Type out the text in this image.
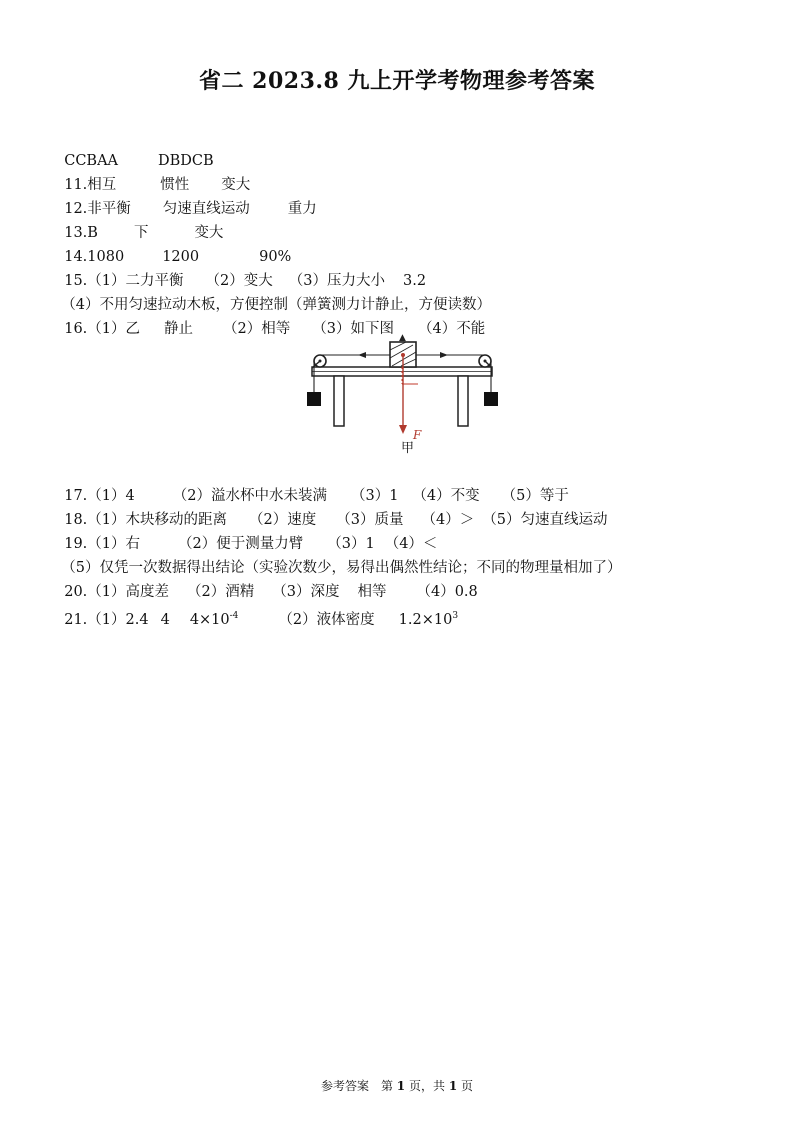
省二 2023.8 九上开学考物理参考答案

CCBAA	DBDCB

11.相互	惯性 变大

12.非平衡 匀速直线运动	重力

13.B 下	变大

14.1080	1200	90%

15.（1）二力平衡 （2）变大 （3）压力大小 3.2

（4）不用匀速拉动木板，方便控制（弹簧测力计静止，方便读数）

16.（1）乙 静止 （2）相等 （3）如下图 （4）不能

▲
F
甲

17.（1）4	（2）溢水杯中水未装满 （3）1 （4）不变 （5）等于

18.（1）木块移动的距离 （2）速度 （3）质量 （4）＞ （5）匀速直线运动

19.（1）右	（2）便于测量力臂 （3）1 （4）＜

（5）仅凭一次数据得出结论（实验次数少，易得出偶然性结论；不同的物理量相加了）

20.（1）高度差 （2）酒精 （3）深度 相等 （4）0.8

21.（1）2.4 4 $4\times 10^{-4}$	（2）液体密度 $1.2\times 10^3$

参考答案　第 1 页，共 1 页
